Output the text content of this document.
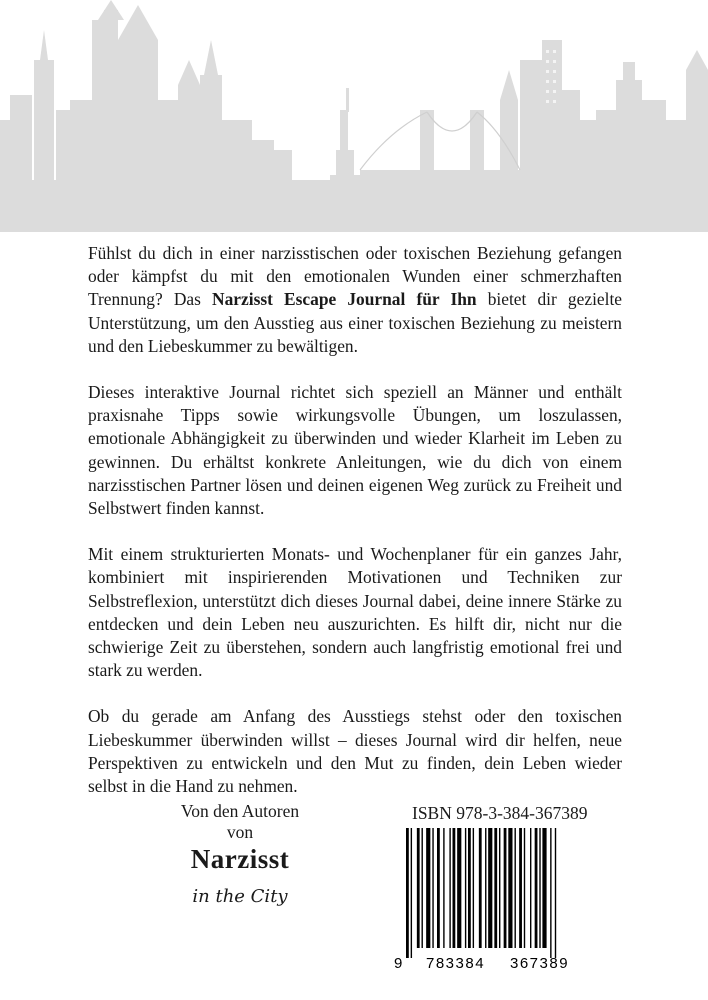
Fühlst du dich in einer narzisstischen oder toxischen Beziehung gefangen oder kämpfst du mit den emotionalen Wunden einer schmerzhaften Trennung? Das Narzisst Escape Journal für Ihn bietet dir gezielte Unterstützung, um den Ausstieg aus einer toxischen Beziehung zu meistern und den Liebeskummer zu bewältigen.

Dieses interaktive Journal richtet sich speziell an Männer und enthält praxisnahe Tipps sowie wirkungsvolle Übungen, um loszulassen, emotionale Abhängigkeit zu überwinden und wieder Klarheit im Leben zu gewinnen. Du erhältst konkrete Anleitungen, wie du dich von einem narzisstischen Partner lösen und deinen eigenen Weg zurück zu Freiheit und Selbstwert finden kannst.

Mit einem strukturierten Monats- und Wochenplaner für ein ganzes Jahr, kombiniert mit inspirierenden Motivationen und Techniken zur Selbstreflexion, unterstützt dich dieses Journal dabei, deine innere Stärke zu entdecken und dein Leben neu auszurichten. Es hilft dir, nicht nur die schwierige Zeit zu überstehen, sondern auch langfristig emotional frei und stark zu werden.

Ob du gerade am Anfang des Ausstiegs stehst oder den toxischen Liebeskummer überwinden willst – dieses Journal wird dir helfen, neue Perspektiven zu entwickeln und den Mut zu finden, dein Leben wieder selbst in die Hand zu nehmen.

Von den Autoren
von
Narzisst
in the City
ISBN 978-3-384-367389
9 783384 367389
